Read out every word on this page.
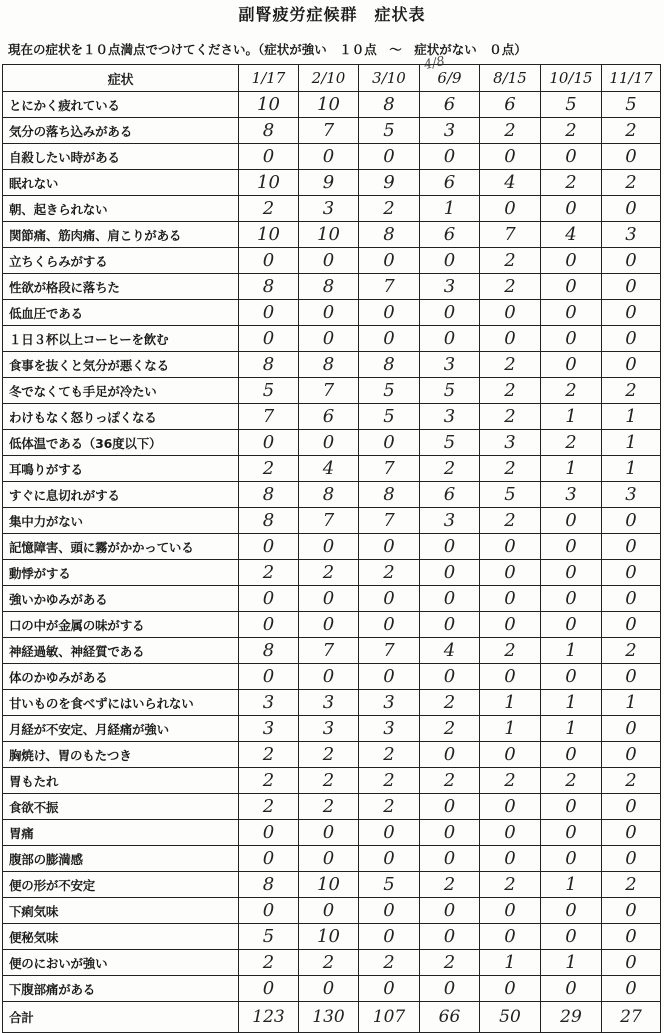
副腎疲労症候群　症状表
現在の症状を１０点満点でつけてください。（症状が強い　１０点　～　症状がない　０点）
4/8
症状	1/17	2/10	3/10	6/9	8/15	10/15	11/17
とにかく疲れている	10	10	8	6	6	5	5
気分の落ち込みがある	8	7	5	3	2	2	2
自殺したい時がある	0	0	0	0	0	0	0
眠れない	10	9	9	6	4	2	2
朝、起きられない	2	3	2	1	0	0	0
関節痛、筋肉痛、肩こりがある	10	10	8	6	7	4	3
立ちくらみがする	0	0	0	0	2	0	0
性欲が格段に落ちた	8	8	7	3	2	0	0
低血圧である	0	0	0	0	0	0	0
１日３杯以上コーヒーを飲む	0	0	0	0	0	0	0
食事を抜くと気分が悪くなる	8	8	8	3	2	0	0
冬でなくても手足が冷たい	5	7	5	5	2	2	2
わけもなく怒りっぽくなる	7	6	5	3	2	1	1
低体温である（36度以下）	0	0	0	5	3	2	1
耳鳴りがする	2	4	7	2	2	1	1
すぐに息切れがする	8	8	8	6	5	3	3
集中力がない	8	7	7	3	2	0	0
記憶障害、頭に霧がかかっている	0	0	0	0	0	0	0
動悸がする	2	2	2	0	0	0	0
強いかゆみがある	0	0	0	0	0	0	0
口の中が金属の味がする	0	0	0	0	0	0	0
神経過敏、神経質である	8	7	7	4	2	1	2
体のかゆみがある	0	0	0	0	0	0	0
甘いものを食べずにはいられない	3	3	3	2	1	1	1
月経が不安定、月経痛が強い	3	3	3	2	1	1	0
胸焼け、胃のもたつき	2	2	2	0	0	0	0
胃もたれ	2	2	2	2	2	2	2
食欲不振	2	2	2	0	0	0	0
胃痛	0	0	0	0	0	0	0
腹部の膨満感	0	0	0	0	0	0	0
便の形が不安定	8	10	5	2	2	1	2
下痢気味	0	0	0	0	0	0	0
便秘気味	5	10	0	0	0	0	0
便のにおいが強い	2	2	2	2	1	1	0
下腹部痛がある	0	0	0	0	0	0	0
合計	123	130	107	66	50	29	27
